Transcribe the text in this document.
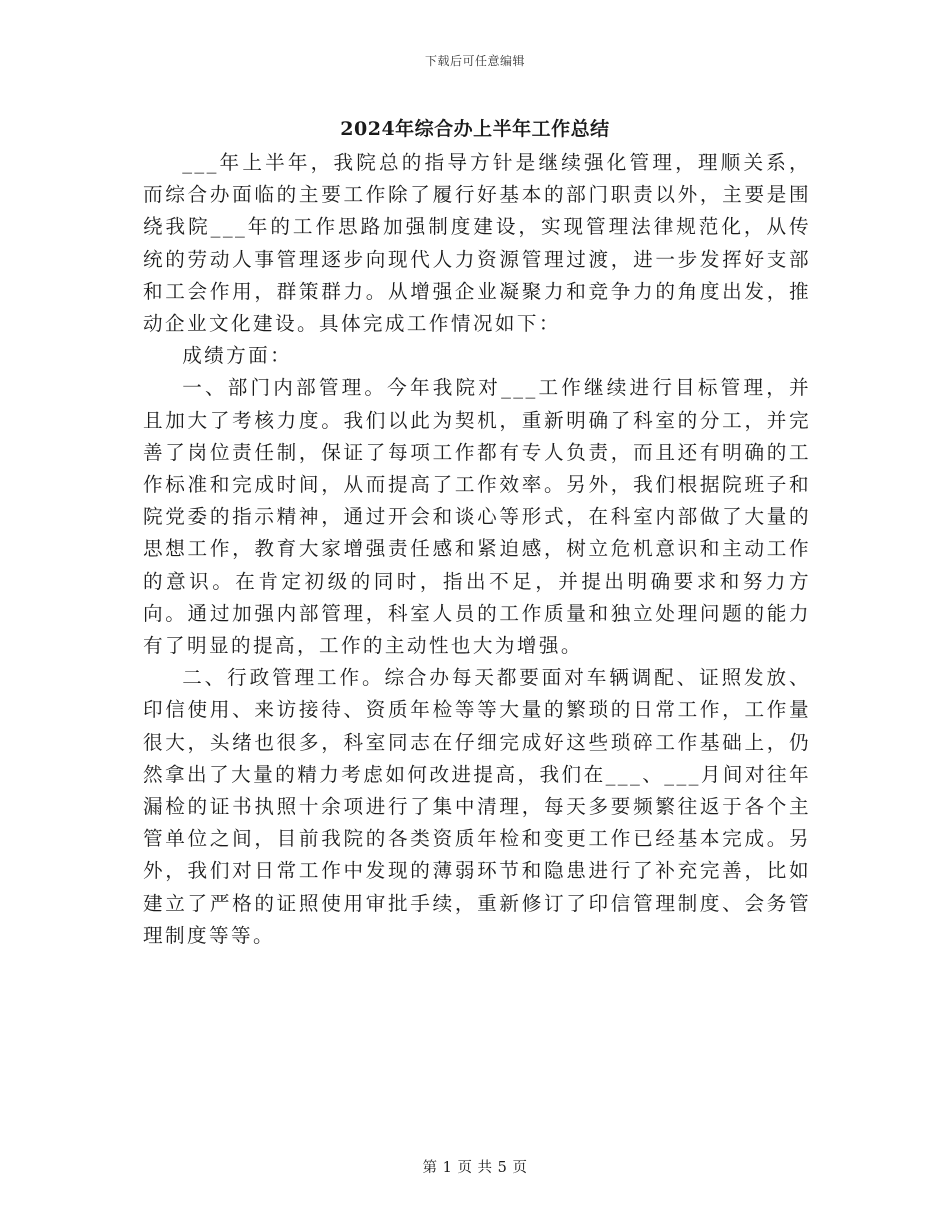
下载后可任意编辑
2024年综合办上半年工作总结

___年上半年，我院总的指导方针是继续强化管理，理顺关系，而综合办面临的主要工作除了履行好基本的部门职责以外，主要是围绕我院___年的工作思路加强制度建设，实现管理法律规范化，从传统的劳动人事管理逐步向现代人力资源管理过渡，进一步发挥好支部和工会作用，群策群力。从增强企业凝聚力和竞争力的角度出发，推动企业文化建设。具体完成工作情况如下：

成绩方面：

一、部门内部管理。今年我院对___工作继续进行目标管理，并且加大了考核力度。我们以此为契机，重新明确了科室的分工，并完善了岗位责任制，保证了每项工作都有专人负责，而且还有明确的工作标准和完成时间，从而提高了工作效率。另外，我们根据院班子和院党委的指示精神，通过开会和谈心等形式，在科室内部做了大量的思想工作，教育大家增强责任感和紧迫感，树立危机意识和主动工作的意识。在肯定初级的同时，指出不足，并提出明确要求和努力方向。通过加强内部管理，科室人员的工作质量和独立处理问题的能力有了明显的提高，工作的主动性也大为增强。

二、行政管理工作。综合办每天都要面对车辆调配、证照发放、印信使用、来访接待、资质年检等等大量的繁琐的日常工作，工作量很大，头绪也很多，科室同志在仔细完成好这些琐碎工作基础上，仍然拿出了大量的精力考虑如何改进提高，我们在___、___月间对往年漏检的证书执照十余项进行了集中清理，每天多要频繁往返于各个主管单位之间，目前我院的各类资质年检和变更工作已经基本完成。另外，我们对日常工作中发现的薄弱环节和隐患进行了补充完善，比如建立了严格的证照使用审批手续，重新修订了印信管理制度、会务管理制度等等。

第 1 页 共 5 页
